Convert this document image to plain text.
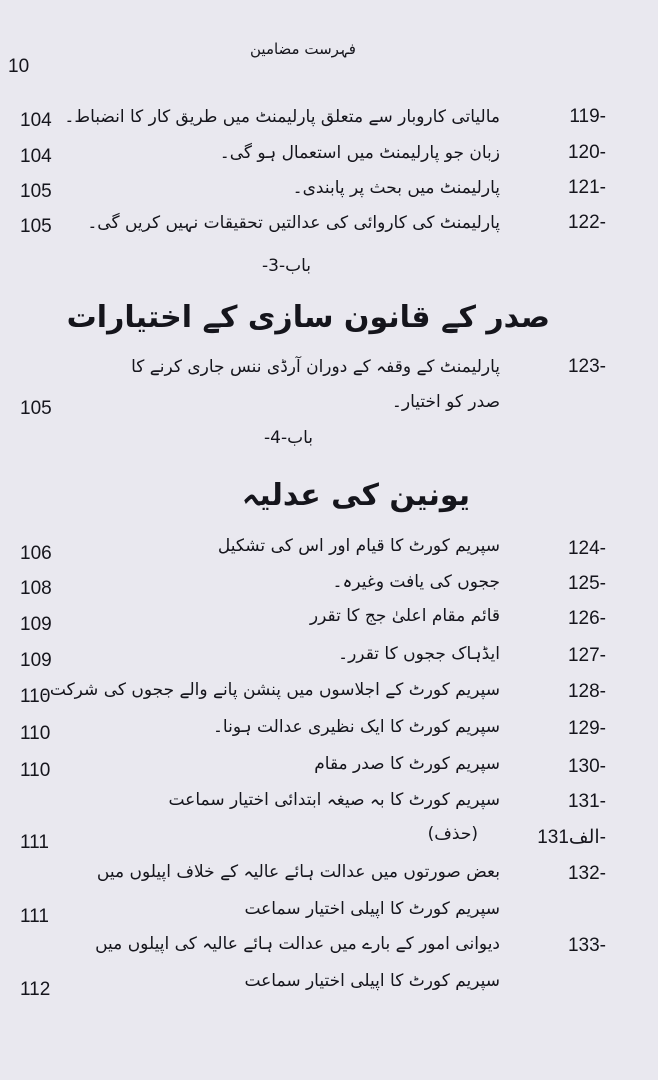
فہرست مضامین
10
119-
مالیاتی کاروبار سے متعلق پارلیمنٹ میں طریق کار کا انضباط۔
104
120-
زبان جو پارلیمنٹ میں استعمال ہو گی۔
104
121-
پارلیمنٹ میں بحث پر پابندی۔
105
122-
پارلیمنٹ کی کاروائی کی عدالتیں تحقیقات نہیں کریں گی۔
105
باب-3-
صدر کے قانون سازی کے اختیارات
123-
پارلیمنٹ کے وقفہ کے دوران آرڈی ننس جاری کرنے کا
صدر کو اختیار۔
105
باب-4-
یونین کی عدلیہ
124-
سپریم کورٹ کا قیام اور اس کی تشکیل
106
125-
ججوں کی یافت وغیرہ۔
108
126-
قائم مقام اعلیٰ جج کا تقرر
109
127-
ایڈہاک ججوں کا تقرر۔
109
128-
سپریم کورٹ کے اجلاسوں میں پنشن پانے والے ججوں کی شرکت۔
110
129-
سپریم کورٹ کا ایک نظیری عدالت ہونا۔
110
130-
سپریم کورٹ کا صدر مقام
110
131-
سپریم کورٹ کا بہ صیغہ ابتدائی اختیار سماعت
131الف-
(حذف)
111
132-
بعض صورتوں میں عدالت ہائے عالیہ کے خلاف اپیلوں میں
سپریم کورٹ کا اپیلی اختیار سماعت
111
133-
دیوانی امور کے بارے میں عدالت ہائے عالیہ کی اپیلوں میں
سپریم کورٹ کا اپیلی اختیار سماعت
112
